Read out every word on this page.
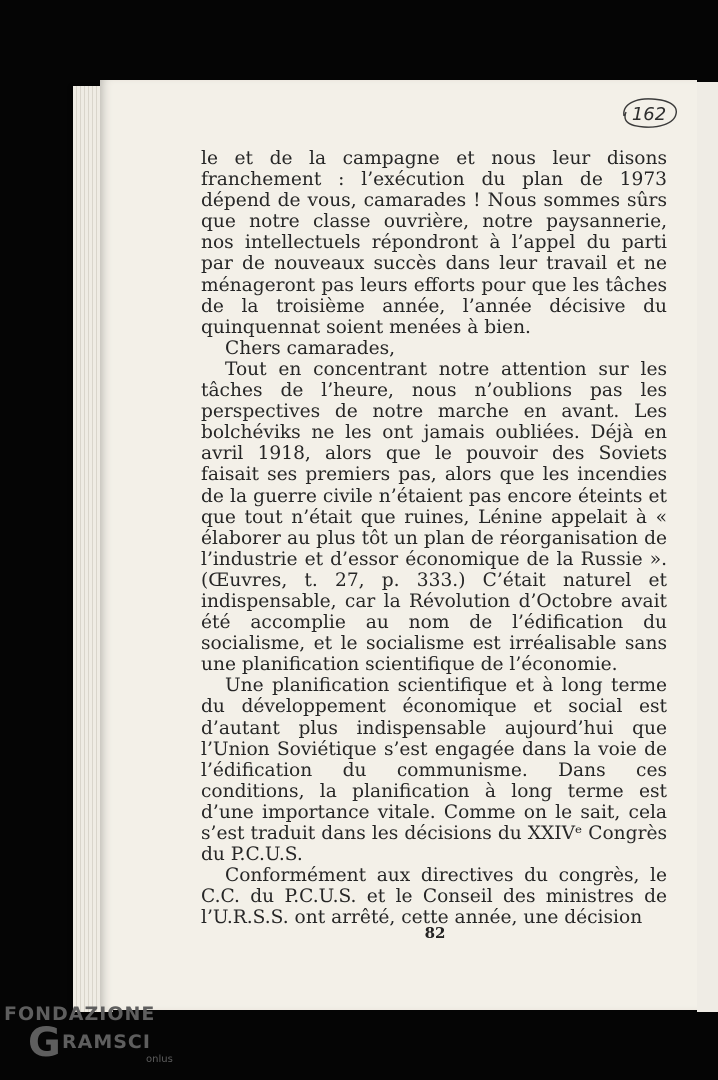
162

le et de la campagne et nous leur disons franchement : l’exécution du plan de 1973 dépend de vous, camarades ! Nous sommes sûrs que notre classe ouvrière, notre paysannerie, nos intellectuels répondront à l’appel du parti par de nouveaux succès dans leur travail et ne ménageront pas leurs efforts pour que les tâches de la troisième année, l’année décisive du quinquennat soient menées à bien.

Chers camarades,

Tout en concentrant notre attention sur les tâches de l’heure, nous n’oublions pas les perspectives de notre marche en avant. Les bolchéviks ne les ont jamais oubliées. Déjà en avril 1918, alors que le pouvoir des Soviets faisait ses premiers pas, alors que les incendies de la guerre civile n’étaient pas encore éteints et que tout n’était que ruines, Lénine appelait à « élaborer au plus tôt un plan de réorganisation de l’industrie et d’essor économique de la Russie ». (Œuvres, t. 27, p. 333.) C’était naturel et indispensable, car la Révolution d’Octobre avait été accomplie au nom de l’édification du socialisme, et le socialisme est irréalisable sans une planification scientifique de l’économie.

Une planification scientifique et à long terme du développement économique et social est d’autant plus indispensable aujourd’hui que l’Union Soviétique s’est engagée dans la voie de l’édification du communisme. Dans ces conditions, la planification à long terme est d’une importance vitale. Comme on le sait, cela s’est traduit dans les décisions du XXIVᵉ Congrès du P.C.U.S.

Conformément aux directives du congrès, le C.C. du P.C.U.S. et le Conseil des ministres de l’U.R.S.S. ont arrêté, cette année, une décision

82
FONDAZIONE
G RAMSCI
onlus
